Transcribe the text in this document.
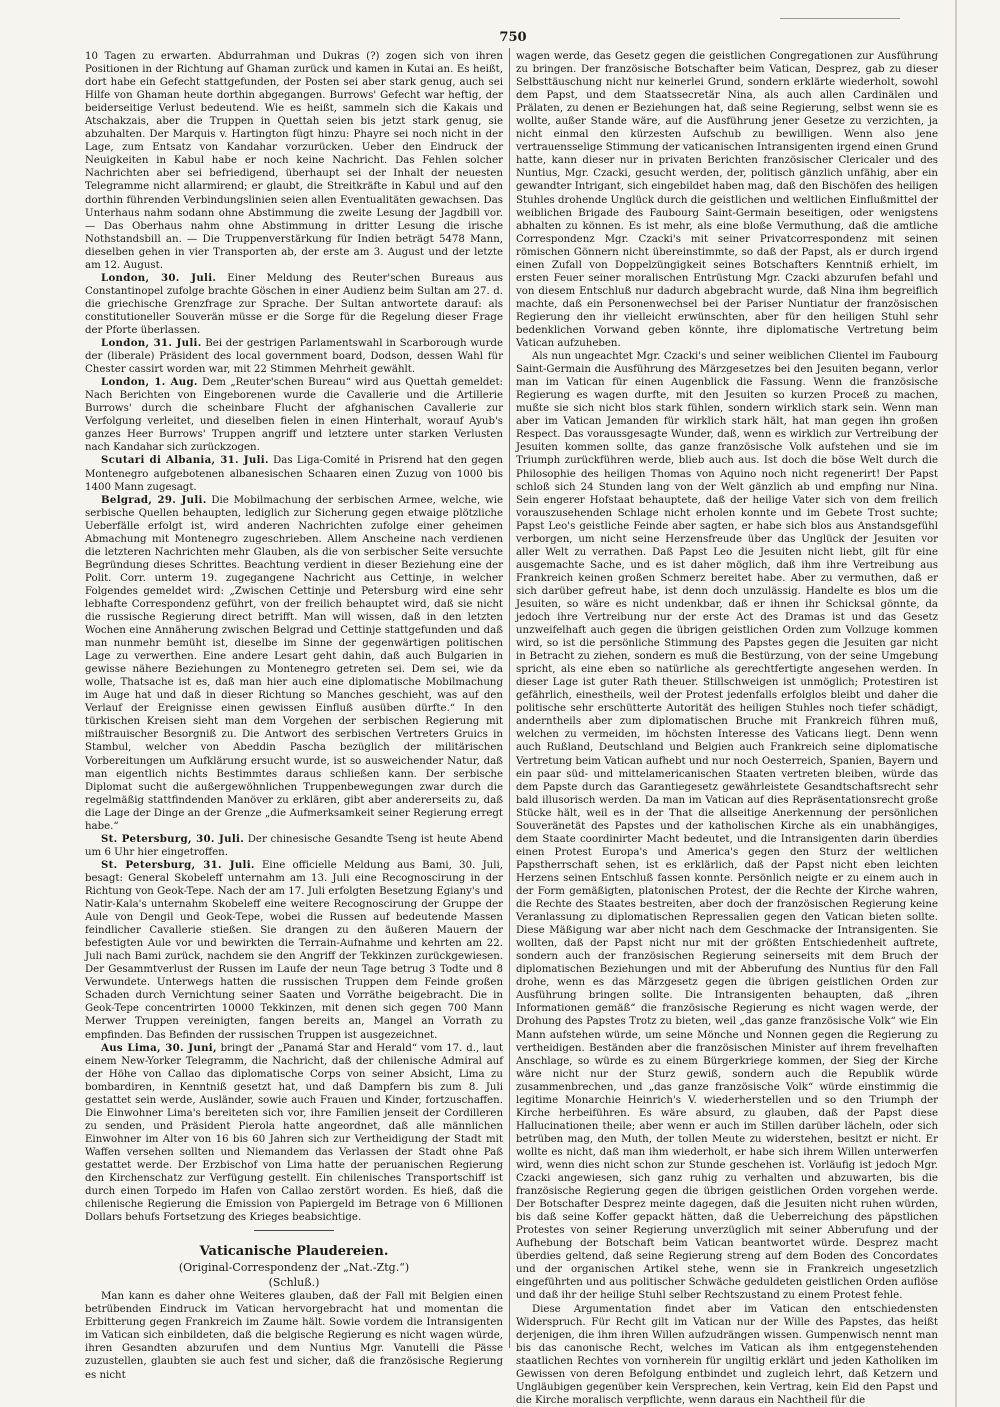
750

10 Tagen zu erwarten. Abdurrahman und Dukras (?) zogen sich von ihren Positionen in der Richtung auf Ghaman zurück und kamen in Kutai an. Es heißt, dort habe ein Gefecht stattgefunden, der Posten sei aber stark genug, auch sei Hilfe von Ghaman heute dorthin abgegangen. Burrows' Gefecht war heftig, der beiderseitige Verlust bedeutend. Wie es heißt, sammeln sich die Kakais und Atschakzais, aber die Truppen in Quettah seien bis jetzt stark genug, sie abzuhalten. Der Marquis v. Hartington fügt hinzu: Phayre sei noch nicht in der Lage, zum Entsatz von Kandahar vorzurücken. Ueber den Eindruck der Neuigkeiten in Kabul habe er noch keine Nachricht. Das Fehlen solcher Nachrichten aber sei befriedigend, überhaupt sei der Inhalt der neuesten Telegramme nicht allarmirend; er glaubt, die Streitkräfte in Kabul und auf den dorthin führenden Verbindungslinien seien allen Eventualitäten gewachsen. Das Unterhaus nahm sodann ohne Abstimmung die zweite Lesung der Jagdbill vor. — Das Oberhaus nahm ohne Abstimmung in dritter Lesung die irische Nothstandsbill an. — Die Truppenverstärkung für Indien beträgt 5478 Mann, dieselben gehen in vier Transporten ab, der erste am 3. August und der letzte am 12. August.

London, 30. Juli. Einer Meldung des Reuter'schen Bureaus aus Constantinopel zufolge brachte Göschen in einer Audienz beim Sultan am 27. d. die griechische Grenzfrage zur Sprache. Der Sultan antwortete darauf: als constitutioneller Souverän müsse er die Sorge für die Regelung dieser Frage der Pforte überlassen.

London, 31. Juli. Bei der gestrigen Parlamentswahl in Scarborough wurde der (liberale) Präsident des local government board, Dodson, dessen Wahl für Chester cassirt worden war, mit 22 Stimmen Mehrheit gewählt.

London, 1. Aug. Dem „Reuter'schen Bureau“ wird aus Quettah gemeldet: Nach Berichten von Eingeborenen wurde die Cavallerie und die Artillerie Burrows' durch die scheinbare Flucht der afghanischen Cavallerie zur Verfolgung verleitet, und dieselben fielen in einen Hinterhalt, worauf Ayub's ganzes Heer Burrows' Truppen angriff und letztere unter starken Verlusten nach Kandahar sich zurückzogen.

Scutari di Albania, 31. Juli. Das Liga-Comité in Prisrend hat den gegen Montenegro aufgebotenen albanesischen Schaaren einen Zuzug von 1000 bis 1400 Mann zugesagt.

Belgrad, 29. Juli. Die Mobilmachung der serbischen Armee, welche, wie serbische Quellen behaupten, lediglich zur Sicherung gegen etwaige plötzliche Ueberfälle erfolgt ist, wird anderen Nachrichten zufolge einer geheimen Abmachung mit Montenegro zugeschrieben. Allem Anscheine nach verdienen die letzteren Nachrichten mehr Glauben, als die von serbischer Seite versuchte Begründung dieses Schrittes. Beachtung verdient in dieser Beziehung eine der Polit. Corr. unterm 19. zugegangene Nachricht aus Cettinje, in welcher Folgendes gemeldet wird: „Zwischen Cettinje und Petersburg wird eine sehr lebhafte Correspondenz geführt, von der freilich behauptet wird, daß sie nicht die russische Regierung direct betrifft. Man will wissen, daß in den letzten Wochen eine Annäherung zwischen Belgrad und Cettinje stattgefunden und daß man nunmehr bemüht ist, dieselbe im Sinne der gegenwärtigen politischen Lage zu verwerthen. Eine andere Lesart geht dahin, daß auch Bulgarien in gewisse nähere Beziehungen zu Montenegro getreten sei. Dem sei, wie da wolle, Thatsache ist es, daß man hier auch eine diplomatische Mobilmachung im Auge hat und daß in dieser Richtung so Manches geschieht, was auf den Verlauf der Ereignisse einen gewissen Einfluß ausüben dürfte.“ In den türkischen Kreisen sieht man dem Vorgehen der serbischen Regierung mit mißtrauischer Besorgniß zu. Die Antwort des serbischen Vertreters Gruics in Stambul, welcher von Abeddin Pascha bezüglich der militärischen Vorbereitungen um Aufklärung ersucht wurde, ist so ausweichender Natur, daß man eigentlich nichts Bestimmtes daraus schließen kann. Der serbische Diplomat sucht die außergewöhnlichen Truppenbewegungen zwar durch die regelmäßig stattfindenden Manöver zu erklären, gibt aber andererseits zu, daß die Lage der Dinge an der Grenze „die Aufmerksamkeit seiner Regierung erregt habe.“

St. Petersburg, 30. Juli. Der chinesische Gesandte Tseng ist heute Abend um 6 Uhr hier eingetroffen.

St. Petersburg, 31. Juli. Eine officielle Meldung aus Bami, 30. Juli, besagt: General Skobeleff unternahm am 13. Juli eine Recognoscirung in der Richtung von Geok-Tepe. Nach der am 17. Juli erfolgten Besetzung Egiany's und Natir-Kala's unternahm Skobeleff eine weitere Recognoscirung der Gruppe der Aule von Dengil und Geok-Tepe, wobei die Russen auf bedeutende Massen feindlicher Cavallerie stießen. Sie drangen zu den äußeren Mauern der befestigten Aule vor und bewirkten die Terrain-Aufnahme und kehrten am 22. Juli nach Bami zurück, nachdem sie den Angriff der Tekkinzen zurückgewiesen. Der Gesammtverlust der Russen im Laufe der neun Tage betrug 3 Todte und 8 Verwundete. Unterwegs hatten die russischen Truppen dem Feinde großen Schaden durch Vernichtung seiner Saaten und Vorräthe beigebracht. Die in Geok-Tepe concentrirten 10000 Tekkinzen, mit denen sich gegen 700 Mann Merwer Truppen vereinigten, fangen bereits an, Mangel an Vorrath zu empfinden. Das Befinden der russischen Truppen ist ausgezeichnet.

Aus Lima, 30. Juni, bringt der „Panamá Star and Herald“ vom 17. d., laut einem New-Yorker Telegramm, die Nachricht, daß der chilenische Admiral auf der Höhe von Callao das diplomatische Corps von seiner Absicht, Lima zu bombardiren, in Kenntniß gesetzt hat, und daß Dampfern bis zum 8. Juli gestattet sein werde, Ausländer, sowie auch Frauen und Kinder, fortzuschaffen. Die Einwohner Lima's bereiteten sich vor, ihre Familien jenseit der Cordilleren zu senden, und Präsident Pierola hatte angeordnet, daß alle männlichen Einwohner im Alter von 16 bis 60 Jahren sich zur Vertheidigung der Stadt mit Waffen versehen sollten und Niemandem das Verlassen der Stadt ohne Paß gestattet werde. Der Erzbischof von Lima hatte der peruanischen Regierung den Kirchenschatz zur Verfügung gestellt. Ein chilenisches Transportschiff ist durch einen Torpedo im Hafen von Callao zerstört worden. Es hieß, daß die chilenische Regierung die Emission von Papiergeld im Betrage von 6 Millionen Dollars behufs Fortsetzung des Krieges beabsichtige.

Vaticanische Plaudereien.
(Original-Correspondenz der „Nat.-Ztg.“)
(Schluß.)

Man kann es daher ohne Weiteres glauben, daß der Fall mit Belgien einen betrübenden Eindruck im Vatican hervorgebracht hat und momentan die Erbitterung gegen Frankreich im Zaume hält. Sowie vordem die Intransigenten im Vatican sich einbildeten, daß die belgische Regierung es nicht wagen würde, ihren Gesandten abzurufen und dem Nuntius Mgr. Vanutelli die Pässe zuzustellen, glaubten sie auch fest und sicher, daß die französische Regierung es nicht

wagen werde, das Gesetz gegen die geistlichen Congregationen zur Ausführung zu bringen. Der französische Botschafter beim Vatican, Desprez, gab zu dieser Selbsttäuschung nicht nur keinerlei Grund, sondern erklärte wiederholt, sowohl dem Papst, und dem Staatssecretär Nina, als auch allen Cardinälen und Prälaten, zu denen er Beziehungen hat, daß seine Regierung, selbst wenn sie es wollte, außer Stande wäre, auf die Ausführung jener Gesetze zu verzichten, ja nicht einmal den kürzesten Aufschub zu bewilligen. Wenn also jene vertrauensselige Stimmung der vaticanischen Intransigenten irgend einen Grund hatte, kann dieser nur in privaten Berichten französischer Clericaler und des Nuntius, Mgr. Czacki, gesucht werden, der, politisch gänzlich unfähig, aber ein gewandter Intrigant, sich eingebildet haben mag, daß den Bischöfen des heiligen Stuhles drohende Unglück durch die geistlichen und weltlichen Einflußmittel der weiblichen Brigade des Faubourg Saint-Germain beseitigen, oder wenigstens abhalten zu können. Es ist mehr, als eine bloße Vermuthung, daß die amtliche Correspondenz Mgr. Czacki's mit seiner Privatcorrespondenz mit seinen römischen Gönnern nicht übereinstimmte, so daß der Papst, als er durch irgend einen Zufall von Doppelzüngigkeit seines Botschafters Kenntniß erhielt, im ersten Feuer seiner moralischen Entrüstung Mgr. Czacki abzurufen befahl und von diesem Entschluß nur dadurch abgebracht wurde, daß Nina ihm begreiflich machte, daß ein Personenwechsel bei der Pariser Nuntiatur der französischen Regierung den ihr vielleicht erwünschten, aber für den heiligen Stuhl sehr bedenklichen Vorwand geben könnte, ihre diplomatische Vertretung beim Vatican aufzuheben.

Als nun ungeachtet Mgr. Czacki's und seiner weiblichen Clientel im Faubourg Saint-Germain die Ausführung des Märzgesetzes bei den Jesuiten begann, verlor man im Vatican für einen Augenblick die Fassung. Wenn die französische Regierung es wagen durfte, mit den Jesuiten so kurzen Proceß zu machen, mußte sie sich nicht blos stark fühlen, sondern wirklich stark sein. Wenn man aber im Vatican Jemanden für wirklich stark hält, hat man gegen ihn großen Respect. Das voraussgesagte Wunder, daß, wenn es wirklich zur Vertreibung der Jesuiten kommen sollte, das ganze französische Volk aufstehen und sie im Triumph zurückführen werde, blieb auch aus. Ist doch die böse Welt durch die Philosophie des heiligen Thomas von Aquino noch nicht regenerirt! Der Papst schloß sich 24 Stunden lang von der Welt gänzlich ab und empfing nur Nina. Sein engerer Hofstaat behauptete, daß der heilige Vater sich von dem freilich vorauszusehenden Schlage nicht erholen konnte und im Gebete Trost suchte; Papst Leo's geistliche Feinde aber sagten, er habe sich blos aus Anstandsgefühl verborgen, um nicht seine Herzensfreude über das Unglück der Jesuiten vor aller Welt zu verrathen. Daß Papst Leo die Jesuiten nicht liebt, gilt für eine ausgemachte Sache, und es ist daher möglich, daß ihm ihre Vertreibung aus Frankreich keinen großen Schmerz bereitet habe. Aber zu vermuthen, daß er sich darüber gefreut habe, ist denn doch unzulässig. Handelte es blos um die Jesuiten, so wäre es nicht undenkbar, daß er ihnen ihr Schicksal gönnte, da jedoch ihre Vertreibung nur der erste Act des Dramas ist und das Gesetz unzweifelhaft auch gegen die übrigen geistlichen Orden zum Vollzuge kommen wird, so ist die persönliche Stimmung des Papstes gegen die Jesuiten gar nicht in Betracht zu ziehen, sondern es muß die Bestürzung, von der seine Umgebung spricht, als eine eben so natürliche als gerechtfertigte angesehen werden. In dieser Lage ist guter Rath theuer. Stillschweigen ist unmöglich; Protestiren ist gefährlich, einestheils, weil der Protest jedenfalls erfolglos bleibt und daher die politische sehr erschütterte Autorität des heiligen Stuhles noch tiefer schädigt, anderntheils aber zum diplomatischen Bruche mit Frankreich führen muß, welchen zu vermeiden, im höchsten Interesse des Vaticans liegt. Denn wenn auch Rußland, Deutschland und Belgien auch Frankreich seine diplomatische Vertretung beim Vatican aufhebt und nur noch Oesterreich, Spanien, Bayern und ein paar süd- und mittelamericanischen Staaten vertreten bleiben, würde das dem Papste durch das Garantiegesetz gewährleistete Gesandtschaftsrecht sehr bald illusorisch werden. Da man im Vatican auf dies Repräsentationsrecht große Stücke hält, weil es in der That die allseitige Anerkennung der persönlichen Souveränetät des Papstes und der katholischen Kirche als ein unabhängiges, dem Staate coordinirter Macht bedeutet, und die Intransigenten darin überdies einen Protest Europa's und America's gegen den Sturz der weltlichen Papstherrschaft sehen, ist es erklärlich, daß der Papst nicht eben leichten Herzens seinen Entschluß fassen konnte. Persönlich neigte er zu einem auch in der Form gemäßigten, platonischen Protest, der die Rechte der Kirche wahren, die Rechte des Staates bestreiten, aber doch der französischen Regierung keine Veranlassung zu diplomatischen Repressalien gegen den Vatican bieten sollte. Diese Mäßigung war aber nicht nach dem Geschmacke der Intransigenten. Sie wollten, daß der Papst nicht nur mit der größten Entschiedenheit auftrete, sondern auch der französischen Regierung seinerseits mit dem Bruch der diplomatischen Beziehungen und mit der Abberufung des Nuntius für den Fall drohe, wenn es das Märzgesetz gegen die übrigen geistlichen Orden zur Ausführung bringen sollte. Die Intransigenten behaupten, daß „ihren Informationen gemäß“ die französische Regierung es nicht wagen werde, der Drohung des Papstes Trotz zu bieten, weil „das ganze französische Volk“ wie Ein Mann aufstehen würde, um seine Mönche und Nonnen gegen die Regierung zu vertheidigen. Beständen aber die französischen Minister auf ihrem frevelhaften Anschlage, so würde es zu einem Bürgerkriege kommen, der Sieg der Kirche wäre nicht nur der Sturz gewiß, sondern auch die Republik würde zusammenbrechen, und „das ganze französische Volk“ würde einstimmig die legitime Monarchie Heinrich's V. wiederherstellen und so den Triumph der Kirche herbeiführen. Es wäre absurd, zu glauben, daß der Papst diese Hallucinationen theile; aber wenn er auch im Stillen darüber lächeln, oder sich betrüben mag, den Muth, der tollen Meute zu widerstehen, besitzt er nicht. Er wollte es nicht, daß man ihm wiederholt, er habe sich ihrem Willen unterwerfen wird, wenn dies nicht schon zur Stunde geschehen ist. Vorläufig ist jedoch Mgr. Czacki angewiesen, sich ganz ruhig zu verhalten und abzuwarten, bis die französische Regierung gegen die übrigen geistlichen Orden vorgehen werde. Der Botschafter Desprez meinte dagegen, daß die Jesuiten nicht ruhen würden, bis daß seine Koffer gepackt hätten, daß die Ueberreichung des päpstlichen Protestes von seiner Regierung unverzüglich mit seiner Abberufung und der Aufhebung der Botschaft beim Vatican beantwortet würde. Desprez macht überdies geltend, daß seine Regierung streng auf dem Boden des Concordates und der organischen Artikel stehe, wenn sie in Frankreich ungesetzlich eingeführten und aus politischer Schwäche geduldeten geistlichen Orden auflöse und daß ihr der heilige Stuhl selber Rechtszustand zu einem Protest fehle.

Diese Argumentation findet aber im Vatican den entschiedensten Widerspruch. Für Recht gilt im Vatican nur der Wille des Papstes, das heißt derjenigen, die ihm ihren Willen aufzudrängen wissen. Gumpenwisch nennt man bis das canonische Recht, welches im Vatican als ihm entgegenstehenden staatlichen Rechtes von vornherein für ungiltig erklärt und jeden Katholiken im Gewissen von deren Befolgung entbindet und zugleich lehrt, daß Ketzern und Ungläubigen gegenüber kein Versprechen, kein Vertrag, kein Eid den Papst und die Kirche moralisch verpflichte, wenn daraus ein Nachtheil für die
